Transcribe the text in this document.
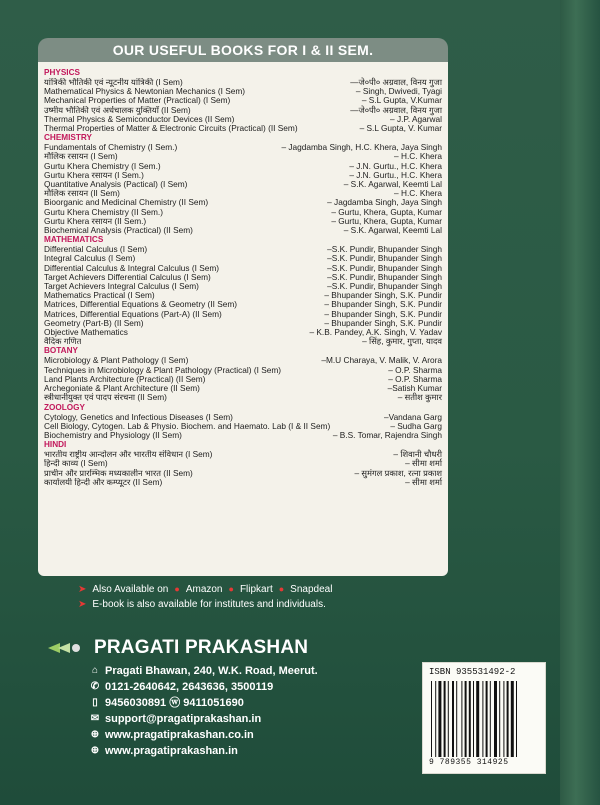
OUR USEFUL BOOKS FOR I & II SEM.
PHYSICS
यांत्रिकी भौतिकी एवं न्यूटनीय यांत्रिकी (I Sem)	—जे०पी० अग्रवाल, विनय गुजा
Mathematical Physics & Newtonian Mechanics (I Sem)	– Singh, Dwivedi, Tyagi
Mechanical Properties of Matter (Practical) (I Sem)	– S.L Gupta, V.Kumar
उष्मीय भौतिकी एवं अर्धचालक युक्तियाँ (II Sem)	—जे०पी० अग्रवाल, विनय गुजा
Thermal Physics & Semiconductor Devices (II Sem)	– J.P. Agarwal
Thermal Properties of Matter & Electronic Circuits (Practical) (II Sem)	– S.L Gupta, V. Kumar
CHEMISTRY
Fundamentals of Chemistry (I Sem.)	– Jagdamba Singh, H.C. Khera, Jaya Singh
मौलिक रसायन (I Sem)	– H.C. Khera
Gurtu Khera Chemistry (I Sem.)	– J.N. Gurtu., H.C. Khera
Gurtu Khera रसायन (I Sem.)	– J.N. Gurtu., H.C. Khera
Quantitative Analysis (Pactical) (I Sem)	– S.K. Agarwal, Keemti Lal
मौलिक रसायन (II Sem)	– H.C. Khera
Bioorganic and Medicinal Chemistry (II Sem)	– Jagdamba Singh, Jaya Singh
Gurtu Khera Chemistry (II Sem.)	– Gurtu, Khera, Gupta, Kumar
Gurtu Khera रसायन (II Sem.)	– Gurtu, Khera, Gupta, Kumar
Biochemical Analysis (Practical) (II Sem)	– S.K. Agarwal, Keemti Lal
MATHEMATICS
Differential Calculus (I Sem)	–S.K. Pundir, Bhupander Singh
Integral Calculus (I Sem)	–S.K. Pundir, Bhupander Singh
Differential Calculus & Integral Calculus (I Sem)	–S.K. Pundir, Bhupander Singh
Target Achievers Differential Calculus (I Sem)	–S.K. Pundir, Bhupander Singh
Target Achievers Integral Calculus (I Sem)	–S.K. Pundir, Bhupander Singh
Mathematics Practical (I Sem)	– Bhupander Singh, S.K. Pundir
Matrices, Differential Equations & Geometry (II Sem)	– Bhupander Singh, S.K. Pundir
Matrices, Differential Equations (Part-A) (II Sem)	– Bhupander Singh, S.K. Pundir
Geometry (Part-B) (II Sem)	– Bhupander Singh, S.K. Pundir
Objective Mathematics	– K.B. Pandey, A.K. Singh, V. Yadav
वैदिक गणित	– सिंह, कुमार, गुप्ता, यादव
BOTANY
Microbiology & Plant Pathology (I Sem)	–M.U Charaya, V. Malik, V. Arora
Techniques in Microbiology & Plant Pathology (Practical) (I Sem)	– O.P. Sharma
Land Plants Architecture (Practical) (II Sem)	– O.P. Sharma
Archegoniate & Plant Architecture (II Sem)	–Satish Kumar
स्त्रीधानीयुक्त एवं पादप संरचना (II Sem)	– सतीश कुमार
ZOOLOGY
Cytology, Genetics and Infectious Diseases (I Sem)	–Vandana Garg
Cell Biology, Cytogen. Lab & Physio. Biochem. and Haemato. Lab (I & II Sem)	– Sudha Garg
Biochemistry and Physiology (II Sem)	– B.S. Tomar, Rajendra Singh
HINDI
भारतीय राष्ट्रीय आन्दोलन और भारतीय संविधान (I Sem)	– शिवानी चौधरी
हिन्दी काव्य (I Sem)	– सीमा शर्मा
प्राचीन और प्रारम्भिक मध्यकालीन भारत (II Sem)	– सुमंगल प्रकाश, रत्ना प्रकाश
कार्यालयी हिन्दी और कम्प्यूटर (II Sem)	– सीमा शर्मा
➤ Also Available on ● Amazon ● Flipkart ● Snapdeal
➤ E-book is also available for institutes and individuals.
PRAGATI PRAKASHAN
⌂ Pragati Bhawan, 240, W.K. Road, Meerut.
✆ 0121-2640642, 2643636, 3500119
▯ 9456030891 ⓦ 9411051690
✉ support@pragatiprakashan.in
⊕ www.pragatiprakashan.co.in
⊕ www.pragatiprakashan.in
ISBN 935531492-2
9 789355 314925
